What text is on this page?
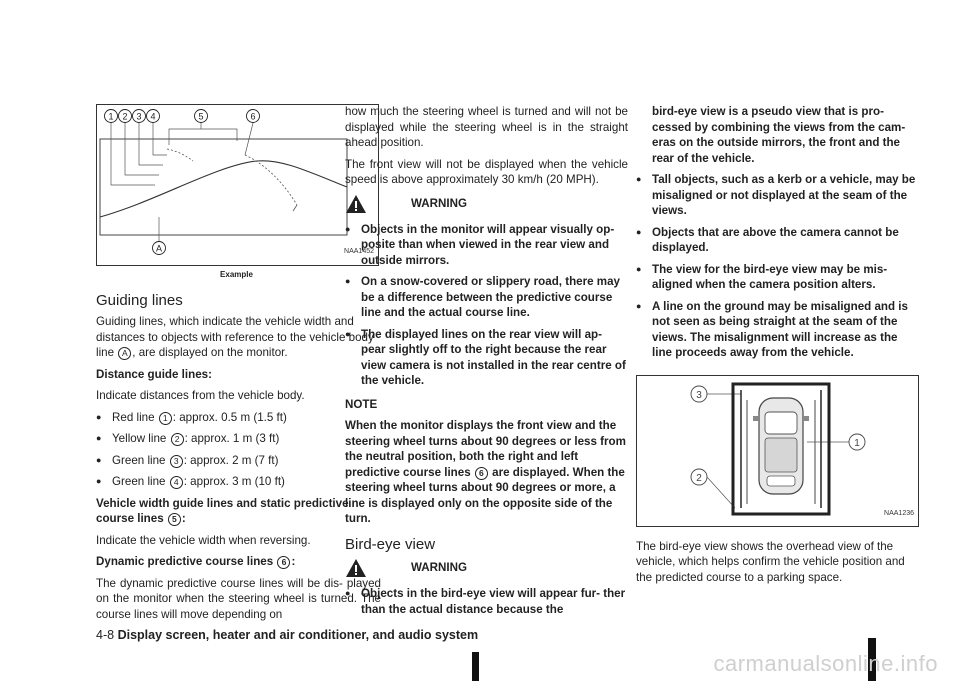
1 2 3 4	5	6
A	NAA1452
Example
Guiding lines

Guiding lines, which indicate the vehicle width and distances to objects with reference to the vehicle body line A , are displayed on the monitor.

Distance guide lines:

Indicate distances from the vehicle body.

● Red line 1 : approx. 0.5 m (1.5 ft)
● Yellow line 2 : approx. 1 m (3 ft)
● Green line 3 : approx. 2 m (7 ft)
● Green line 4 : approx. 3 m (10 ft)

Vehicle width guide lines and static predictive course lines 5 :

Indicate the vehicle width when reversing.

Dynamic predictive course lines 6 :

The dynamic predictive course lines will be dis- played on the monitor when the steering wheel is turned. The course lines will move depending on

how much the steering wheel is turned and will not be displayed while the steering wheel is in the straight ahead position.

The front view will not be displayed when the vehicle speed is above approximately 30 km/h (20 MPH).

WARNING
● Objects in the monitor will appear visually op- posite than when viewed in the rear view and outside mirrors.
● On a snow-covered or slippery road, there may be a difference between the predictive course line and the actual course line.
● The displayed lines on the rear view will ap- pear slightly off to the right because the rear view camera is not installed in the rear centre of the vehicle.

NOTE

When the monitor displays the front view and the steering wheel turns about 90 degrees or less from the neutral position, both the right and left predictive course lines 6 are displayed. When the steering wheel turns about 90 degrees or more, a line is displayed only on the opposite side of the turn.

Bird-eye view
WARNING
● Objects in the bird-eye view will appear fur- ther than the actual distance because the

bird-eye view is a pseudo view that is pro- cessed by combining the views from the cam- eras on the outside mirrors, the front and the rear of the vehicle.

● Tall objects, such as a kerb or a vehicle, may be misaligned or not displayed at the seam of the views.
● Objects that are above the camera cannot be displayed.
● The view for the bird-eye view may be mis- aligned when the camera position alters.
● A line on the ground may be misaligned and is not seen as being straight at the seam of the views. The misalignment will increase as the line proceeds away from the vehicle.
3
1
2
NAA1236

The bird-eye view shows the overhead view of the vehicle, which helps confirm the vehicle position and the predicted course to a parking space.

4-8 Display screen, heater and air conditioner, and audio system
carmanualsonline.info
